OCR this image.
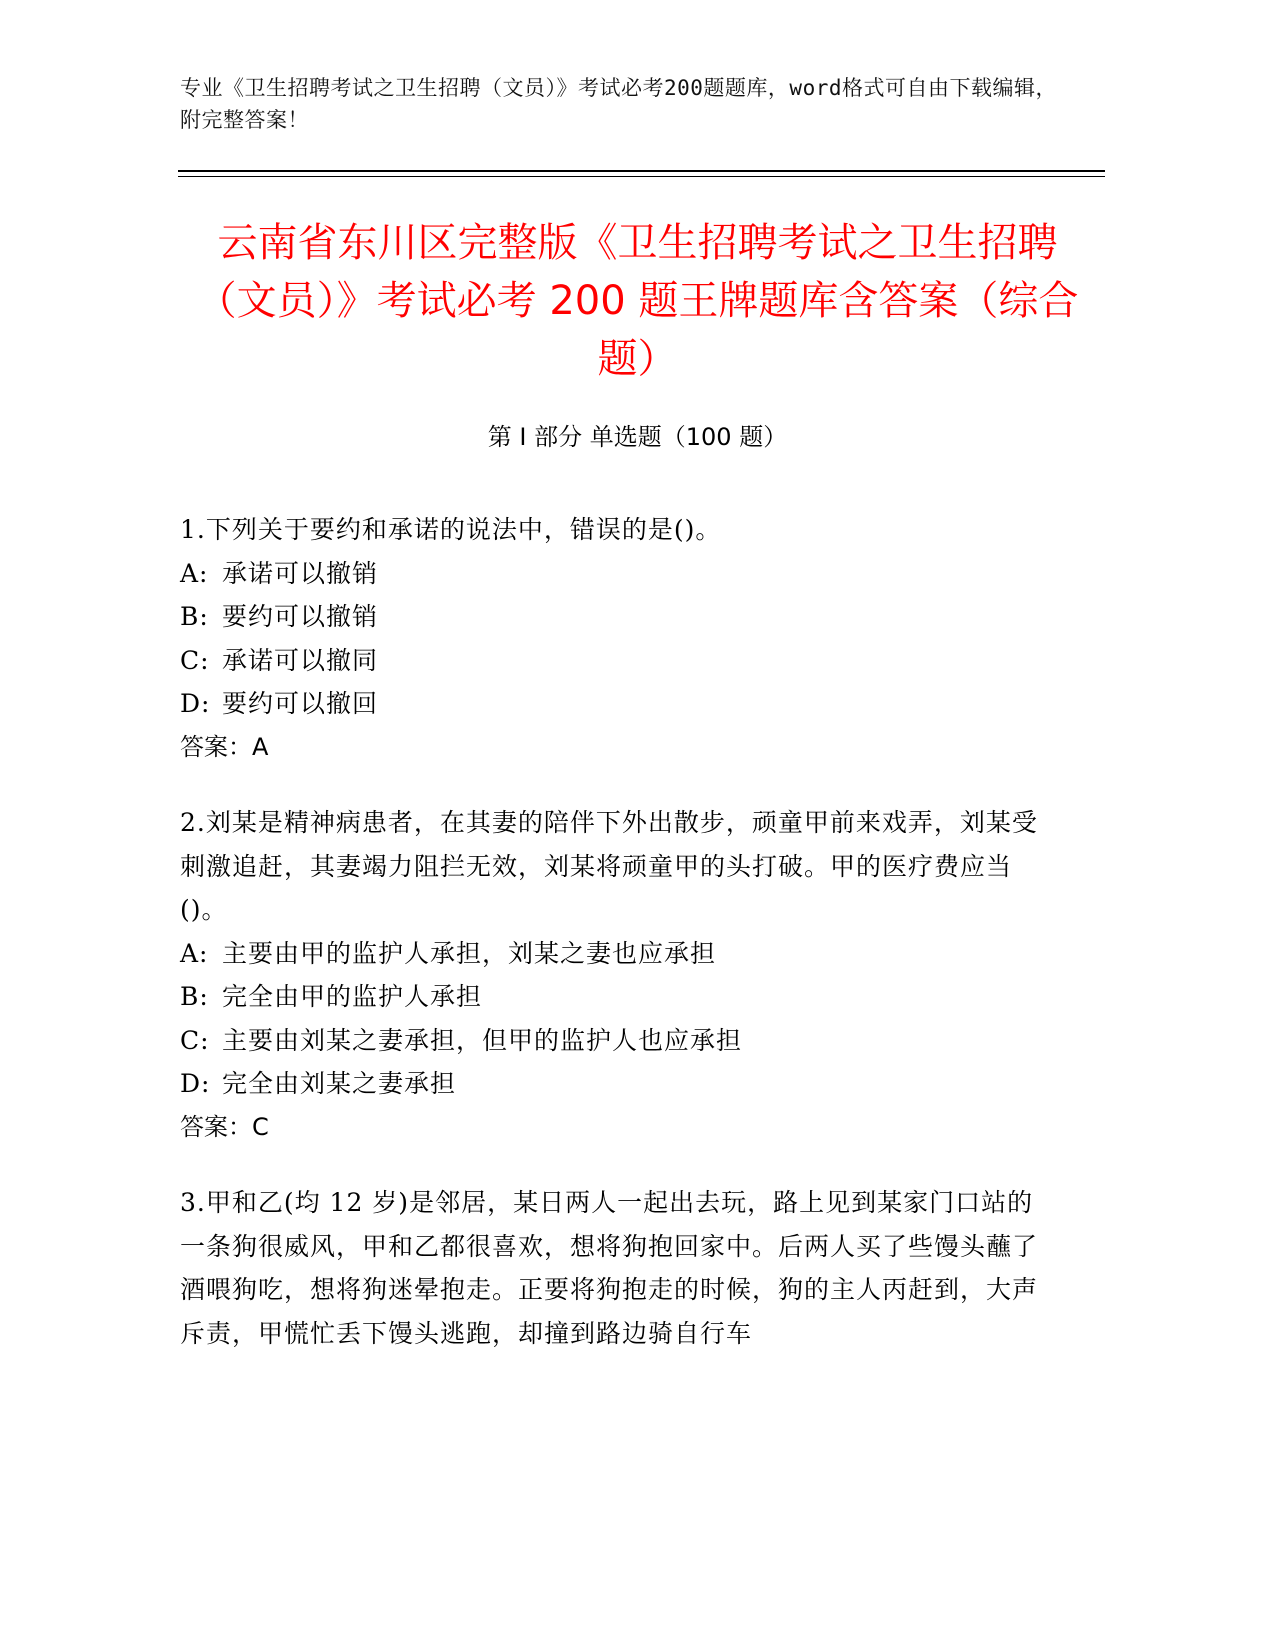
专业《卫生招聘考试之卫生招聘（文员）》考试必考200题题库，word格式可自由下载编辑，附完整答案！
云南省东川区完整版《卫生招聘考试之卫生招聘（文员）》考试必考 200 题王牌题库含答案（综合题）
第 I 部分 单选题（100 题）

1.下列关于要约和承诺的说法中，错误的是()。

A: 承诺可以撤销

B: 要约可以撤销

C: 承诺可以撤同

D: 要约可以撤回

答案：A

2.刘某是精神病患者，在其妻的陪伴下外出散步，顽童甲前来戏弄，刘某受刺激追赶，其妻竭力阻拦无效，刘某将顽童甲的头打破。甲的医疗费应当()。

A: 主要由甲的监护人承担，刘某之妻也应承担

B: 完全由甲的监护人承担

C: 主要由刘某之妻承担，但甲的监护人也应承担

D: 完全由刘某之妻承担

答案：C

3.甲和乙(均 12 岁)是邻居，某日两人一起出去玩，路上见到某家门口站的一条狗很威风，甲和乙都很喜欢，想将狗抱回家中。后两人买了些馒头蘸了酒喂狗吃，想将狗迷晕抱走。正要将狗抱走的时候，狗的主人丙赶到，大声斥责，甲慌忙丢下馒头逃跑，却撞到路边骑自行车
